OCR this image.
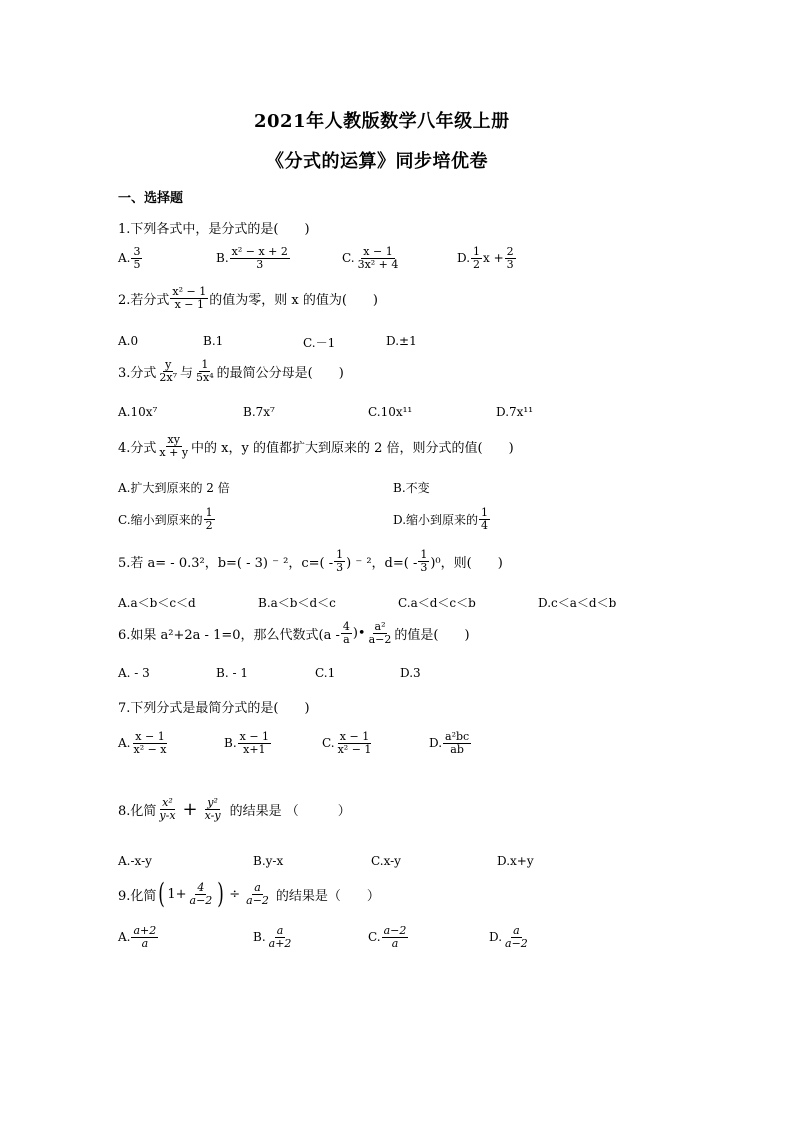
2021年人教版数学八年级上册
《分式的运算》同步培优卷
一、选择题
1.下列各式中，是分式的是(　　)
A. $\frac{3}{5}$	B. $\frac{\text{x² − x + 2}}{3}$	C. $\frac{x - 1}{\text{3x² + 4}}$	D. $\frac{1}{2}$ $x + \frac{2}{3}$
2.若分式 $\frac{\text{x² − 1}}{x - 1}$ 的值为零，则 x 的值为(　　)
A.0	B.1	C.－1	D.±1
3.分式 $\frac{y}{\text{2x⁷}}$ 与 $\frac{1}{\text{5x⁴}}$ 的最简公分母是(　　)
A.10x⁷	B.7x⁷	C.10x¹¹	D.7x¹¹
4.分式 $\frac{xy}{x + y}$ 中的 x，y 的值都扩大到原来的 2 倍，则分式的值(　　)
A.扩大到原来的 2 倍	B.不变
C.缩小到原来的 $\frac{1}{2}$	D.缩小到原来的 $\frac{1}{4}$
5.若 a= - 0.3²，b=( - 3) ⁻ ²，$c=( - \frac{1}{3}$ ) ⁻ ²，$d=( - \frac{1}{3} )^0$，则(　　)
A.a＜b＜c＜d	B.a＜b＜d＜c	C.a＜d＜c＜b	D.c＜a＜d＜b
6.如果 a²+2a - 1=0，那么代数式($a - \frac{4}{a}$ )• $\frac{\text{a²}}{a-2}$ 的值是(　　)
A. - 3	B. - 1	C.1	D.3
7.下列分式是最简分式的是(　　)
A. $\frac{x - 1}{\text{x² − x}}$	B. $\frac{x - 1}{x+1}$	C. $\frac{x - 1}{\text{x² − 1}}$	D. $\frac{\text{a²bc}}{ab}$
8.化简 $\frac{\text{x²}}{y-x} + \frac{\text{y²}}{x-y}$ 的结果是 （　　　）
A.-x-y	B.y-x	C.x-y	D.x+y
9.化简 ( $1+ \frac{4}{a-2}$ ) ÷ $\frac{a}{a-2}$ 的结果是（　　）
A. $\frac{a+2}{a}$	B. $\frac{a}{a+2}$	C. $\frac{a-2}{a}$	D. $\frac{a}{a-2}$
